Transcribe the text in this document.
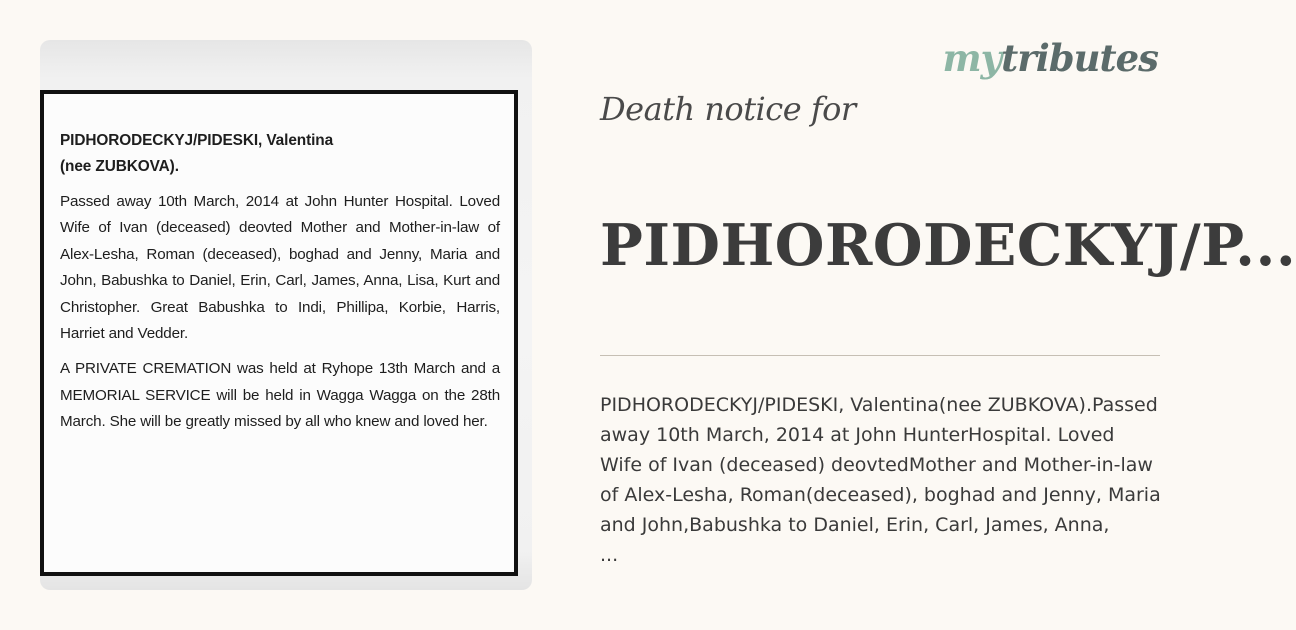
PIDHORODECKYJ/PIDESKI, Valentina
(nee ZUBKOVA).

Passed away 10th March, 2014 at John Hunter Hospital. Loved Wife of Ivan (deceased) deovted Mother and Mother-in-law of Alex-Lesha, Roman (deceased), boghad and Jenny, Maria and John, Babushka to Daniel, Erin, Carl, James, Anna, Lisa, Kurt and Christopher. Great Babushka to Indi, Phillipa, Korbie, Harris, Harriet and Vedder.

A PRIVATE CREMATION was held at Ryhope 13th March and a MEMORIAL SERVICE will be held in Wagga Wagga on the 28th March. She will be greatly missed by all who knew and loved her.

mytributes
Death notice for
PIDHORODECKYJ/P...
PIDHORODECKYJ/PIDESKI, Valentina(nee ZUBKOVA).Passed
away 10th March, 2014 at John HunterHospital. Loved
Wife of Ivan (deceased) deovtedMother and Mother-in-law
of Alex-Lesha, Roman(deceased), boghad and Jenny, Maria
and John,Babushka to Daniel, Erin, Carl, James, Anna,
...
